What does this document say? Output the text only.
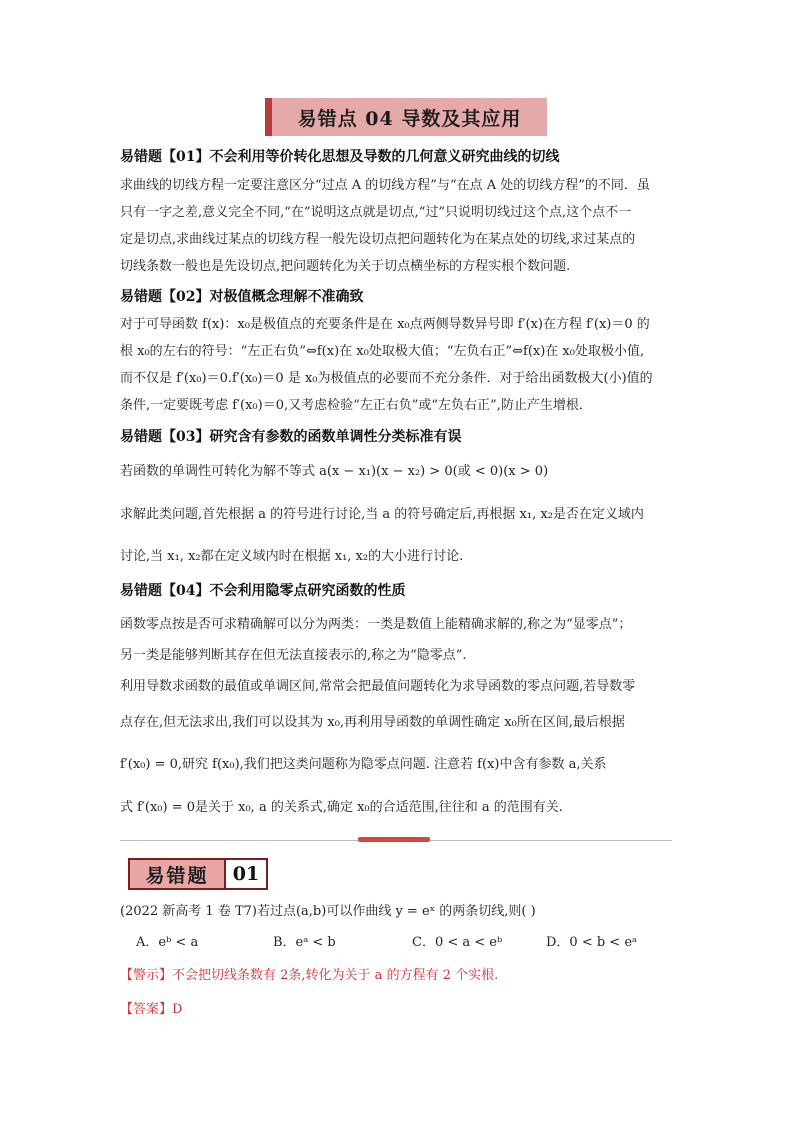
易错点 04 导数及其应用
易错题【01】不会利用等价转化思想及导数的几何意义研究曲线的切线
求曲线的切线方程一定要注意区分“过点 A 的切线方程”与“在点 A 处的切线方程”的不同．虽
只有一字之差,意义完全不同,“在”说明这点就是切点,“过”只说明切线过这个点,这个点不一
定是切点,求曲线过某点的切线方程一般先设切点把问题转化为在某点处的切线,求过某点的
切线条数一般也是先设切点,把问题转化为关于切点横坐标的方程实根个数问题.
易错题【02】对极值概念理解不准确致
对于可导函数 f(x)：x₀是极值点的充要条件是在 x₀点两侧导数异号即 f′(x)在方程 f′(x)＝0 的
根 x₀的左右的符号：“左正右负”⇔f(x)在 x₀处取极大值；“左负右正”⇔f(x)在 x₀处取极小值,
而不仅是 f′(x₀)＝0.f′(x₀)＝0 是 x₀为极值点的必要而不充分条件．对于给出函数极大(小)值的
条件,一定要既考虑 f′(x₀)＝0,又考虑检验“左正右负”或“左负右正”,防止产生增根．
易错题【03】研究含有参数的函数单调性分类标准有误
若函数的单调性可转化为解不等式 a(x − x₁)(x − x₂) > 0(或 < 0)(x > 0)
求解此类问题,首先根据 a 的符号进行讨论,当 a 的符号确定后,再根据 x₁, x₂是否在定义域内
讨论,当 x₁, x₂都在定义域内时在根据 x₁, x₂的大小进行讨论.
易错题【04】不会利用隐零点研究函数的性质
函数零点按是否可求精确解可以分为两类：一类是数值上能精确求解的,称之为“显零点”；
另一类是能够判断其存在但无法直接表示的,称之为“隐零点”.
利用导数求函数的最值或单调区间,常常会把最值问题转化为求导函数的零点问题,若导数零
点存在,但无法求出,我们可以设其为 x₀,再利用导函数的单调性确定 x₀所在区间,最后根据
f′(x₀) = 0,研究 f(x₀),我们把这类问题称为隐零点问题. 注意若 f(x)中含有参数 a,关系
式 f′(x₀) = 0是关于 x₀, a 的关系式,确定 x₀的合适范围,往往和 a 的范围有关.
易错题	01
(2022 新高考 1 卷 T7)若过点(a,b)可以作曲线 y = eˣ 的两条切线,则( )
A．eᵇ < a	B．eᵃ < b	C．0 < a < eᵇ	D．0 < b < eᵃ
【警示】不会把切线条数有 2条,转化为关于 a 的方程有 2 个实根.
【答案】D
